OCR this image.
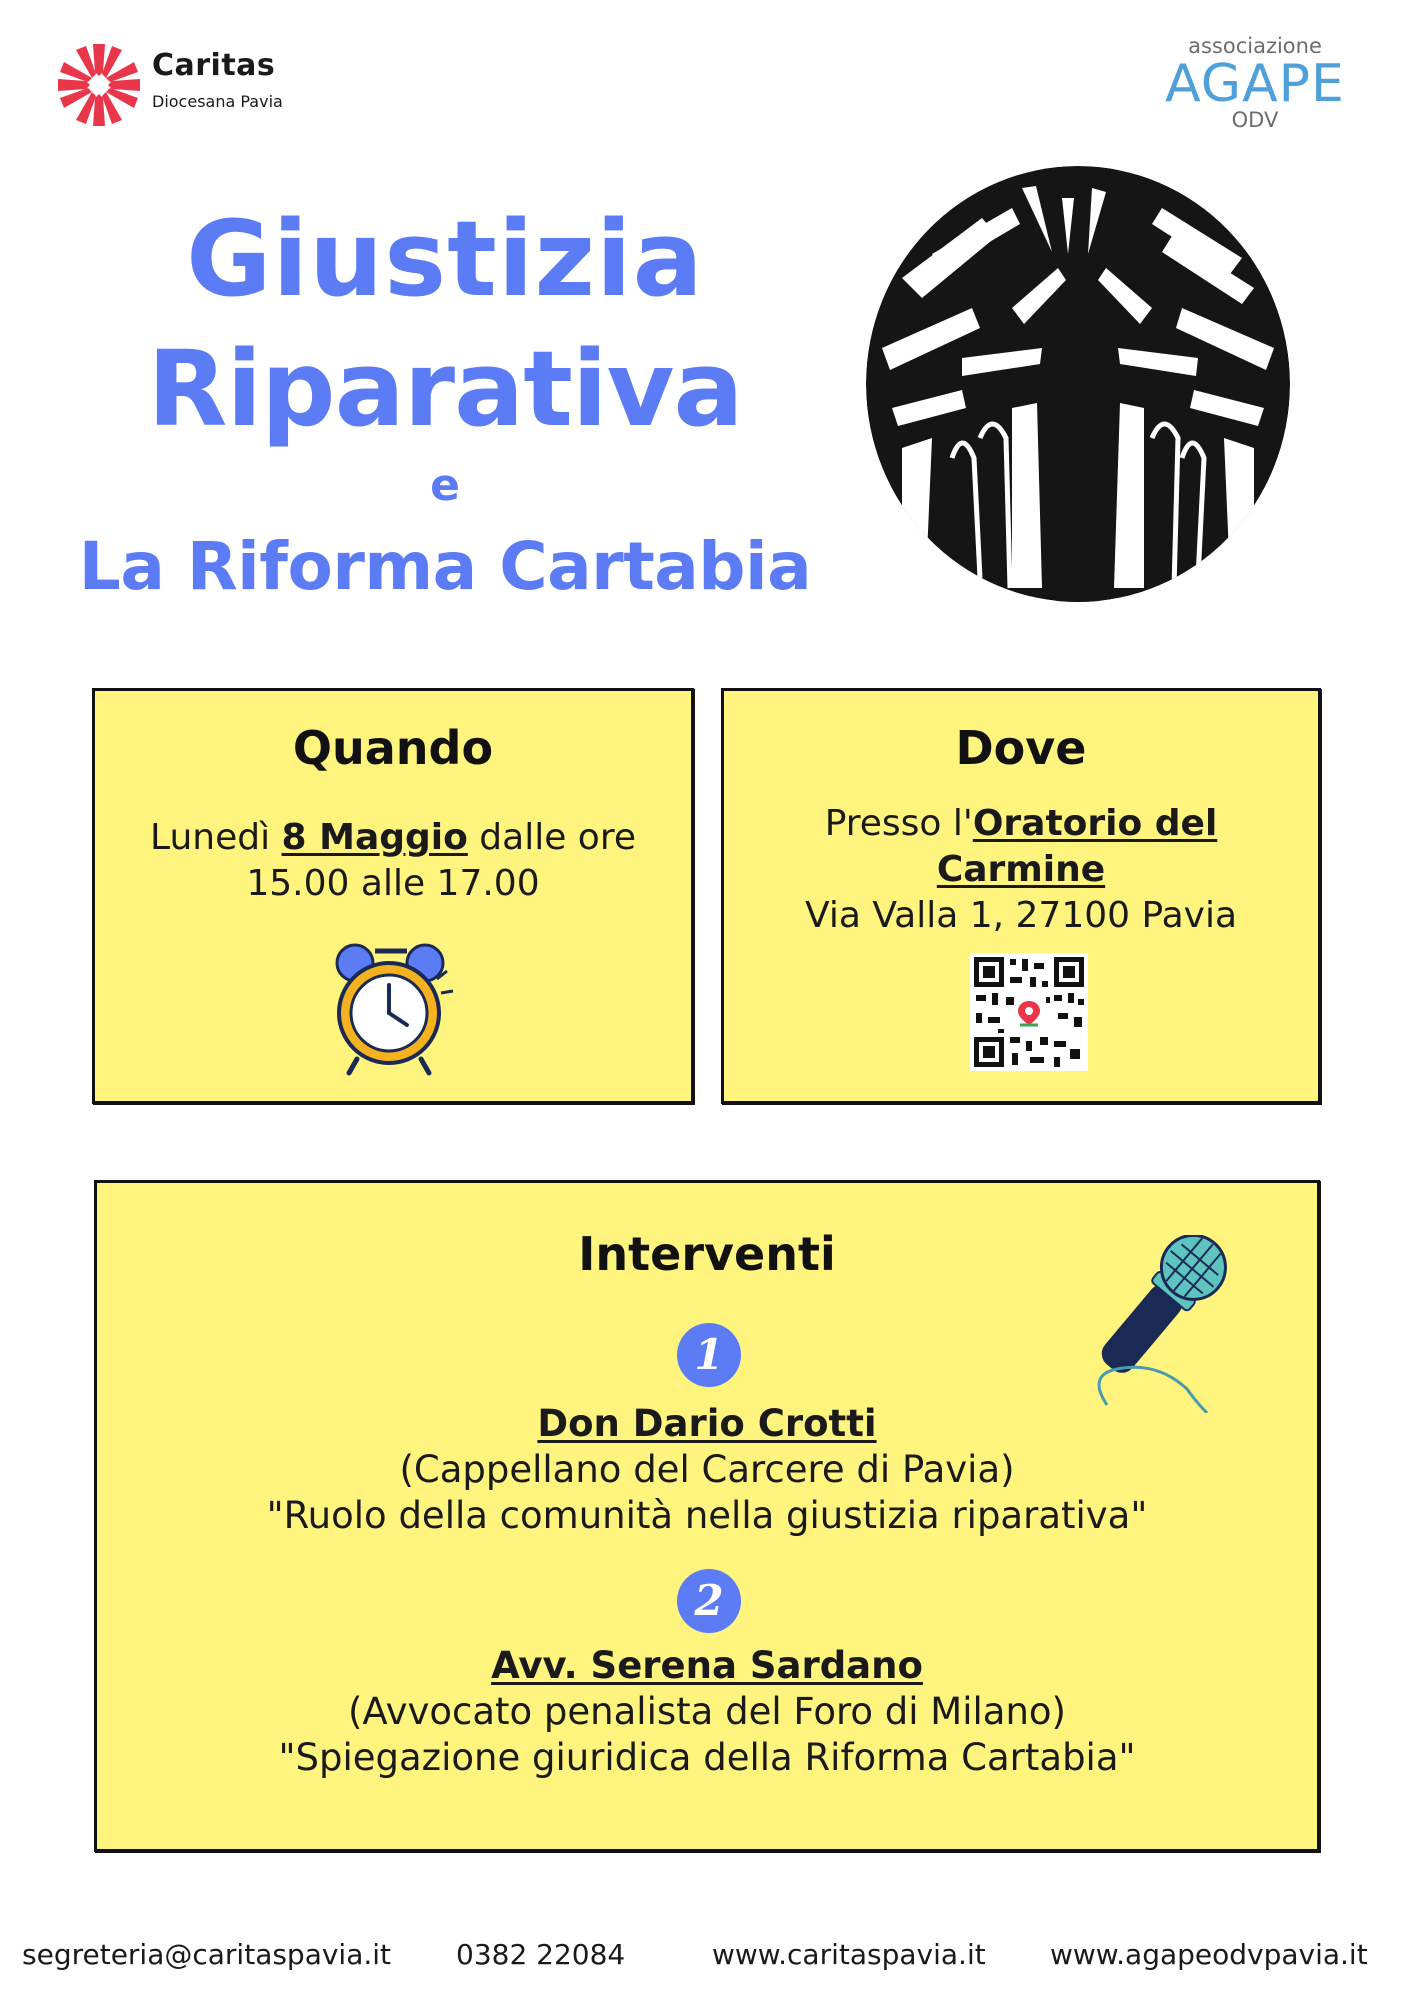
Caritas
Diocesana Pavia
associazione
AGAPE
ODV
Giustizia
Riparativa
e
La Riforma Cartabia
Quando
Lunedì 8 Maggio dalle ore
15.00 alle 17.00
Dove
Presso l'Oratorio del
Carmine
Via Valla 1, 27100 Pavia
Interventi
1
Don Dario Crotti
(Cappellano del Carcere di Pavia)
"Ruolo della comunità nella giustizia riparativa"
2
Avv. Serena Sardano
(Avvocato penalista del Foro di Milano)
"Spiegazione giuridica della Riforma Cartabia"
segreteria@caritaspavia.it 0382 22084	www.caritaspavia.it www.agapeodvpavia.it
